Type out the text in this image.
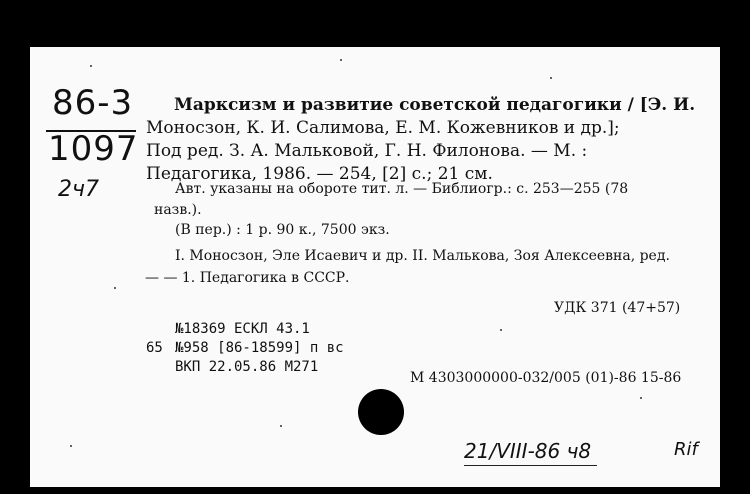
86-3
1097
2ч7
Марксизм и развитие советской педагогики / [Э. И.
Моносзон, К. И. Салимова, Е. М. Кожевников и др.];
Под ред. З. А. Мальковой, Г. Н. Филонова. — М. :
Педагогика, 1986. — 254, [2] с.; 21 см.
Авт. указаны на обороте тит. л. — Библиогр.: с. 253—255 (78
назв.).
(В пер.) : 1 р. 90 к., 7500 экз.
I. Моносзон, Эле Исаевич и др. II. Малькова, Зоя Алексеевна, ред.
— — 1. Педагогика в СССР.
УДК 371 (47+57)
№18369 ЕСКЛ 43.1
65 №958 [86-18599] п вс
ВКП 22.05.86 М271
М 4303000000-032/005 (01)-86 15-86
21/VIII-86 ч8	Rif
